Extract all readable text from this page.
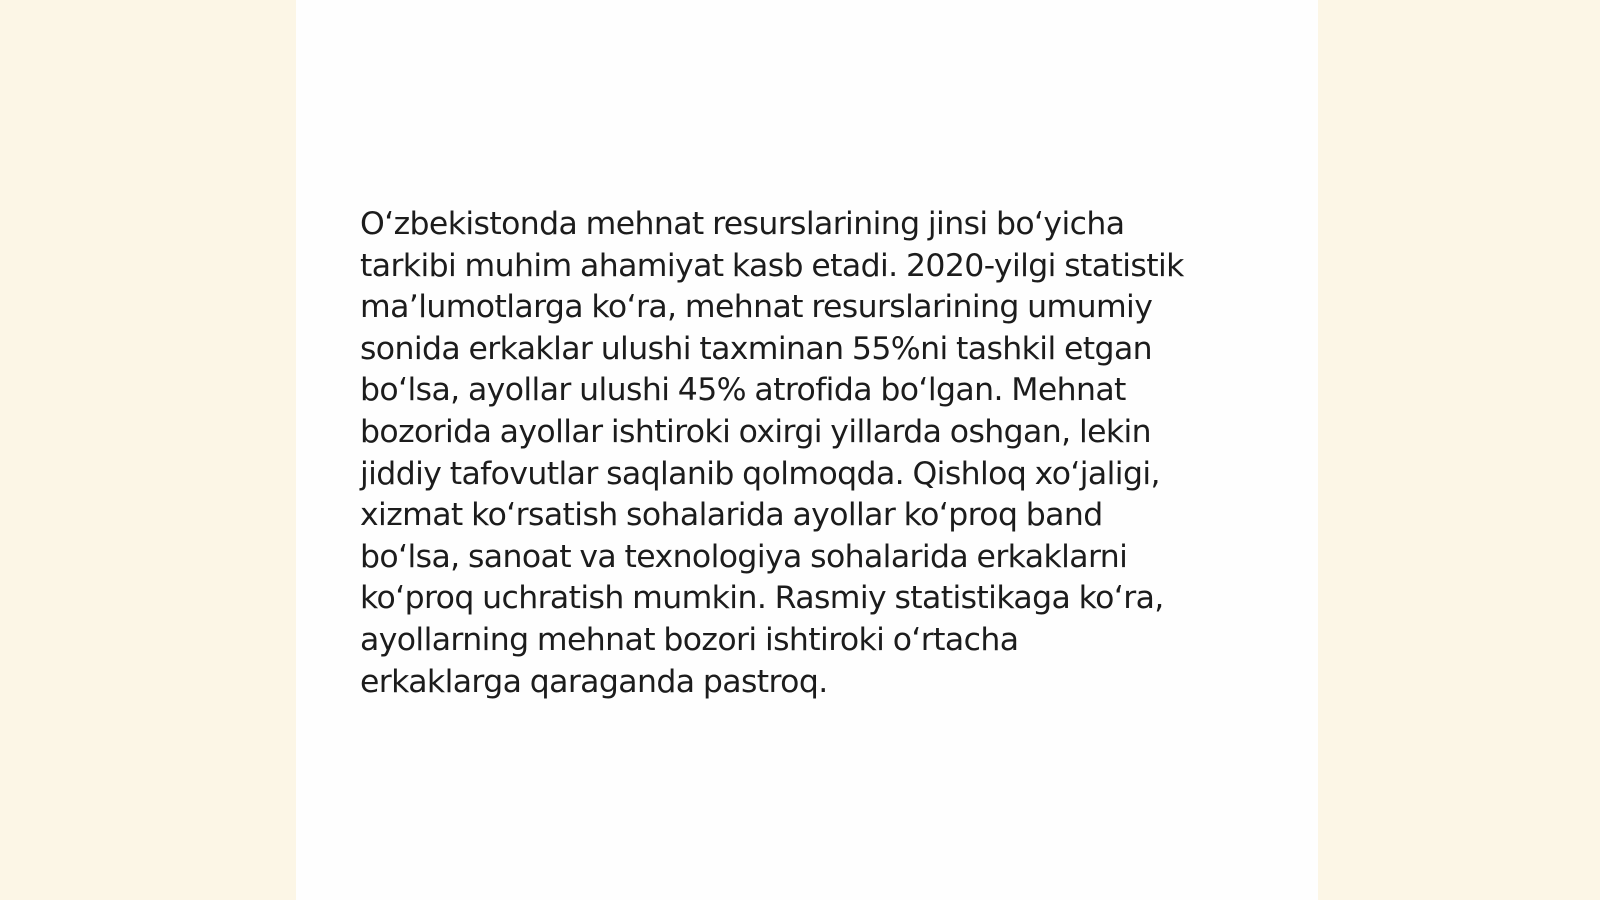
O‘zbekistonda mehnat resurslarining jinsi bo‘yicha
tarkibi muhim ahamiyat kasb etadi. 2020-yilgi statistik
ma’lumotlarga ko‘ra, mehnat resurslarining umumiy
sonida erkaklar ulushi taxminan 55%ni tashkil etgan
bo‘lsa, ayollar ulushi 45% atrofida bo‘lgan. Mehnat
bozorida ayollar ishtiroki oxirgi yillarda oshgan, lekin
jiddiy tafovutlar saqlanib qolmoqda. Qishloq xo‘jaligi,
xizmat ko‘rsatish sohalarida ayollar ko‘proq band
bo‘lsa, sanoat va texnologiya sohalarida erkaklarni
ko‘proq uchratish mumkin. Rasmiy statistikaga ko‘ra,
ayollarning mehnat bozori ishtiroki o‘rtacha
erkaklarga qaraganda pastroq.
